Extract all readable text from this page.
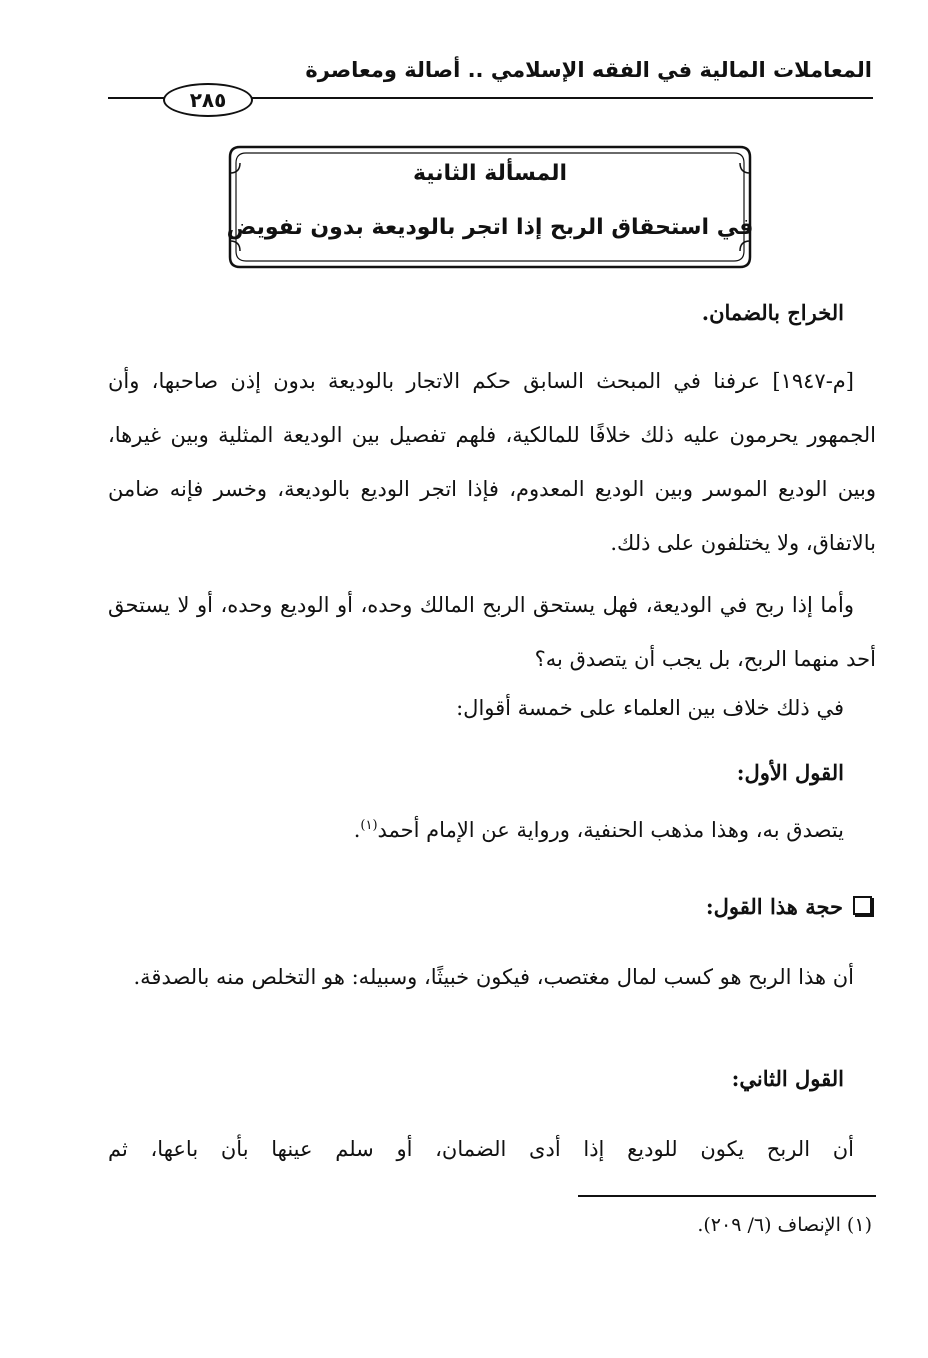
المعاملات المالية في الفقه الإسلامي .. أصالة ومعاصرة
٢٨٥
المسألة الثانية
في استحقاق الربح إذا اتجر بالوديعة بدون تفويض
الخراج بالضمان.

[م-١٩٤٧] عرفنا في المبحث السابق حكم الاتجار بالوديعة بدون إذن صاحبها، وأن الجمهور يحرمون عليه ذلك خلافًا للمالكية، فلهم تفصيل بين الوديعة المثلية وبين غيرها، وبين الوديع الموسر وبين الوديع المعدوم، فإذا اتجر الوديع بالوديعة، وخسر فإنه ضامن بالاتفاق، ولا يختلفون على ذلك.

وأما إذا ربح في الوديعة، فهل يستحق الربح المالك وحده، أو الوديع وحده، أو لا يستحق أحد منهما الربح، بل يجب أن يتصدق به؟

في ذلك خلاف بين العلماء على خمسة أقوال:
القول الأول:
يتصدق به، وهذا مذهب الحنفية، ورواية عن الإمام أحمد$^{(١)}$.
حجة هذا القول:

أن هذا الربح هو كسب لمال مغتصب، فيكون خبيثًا، وسبيله: هو التخلص منه بالصدقة.

القول الثاني:

أن الربح يكون للوديع إذا أدى الضمان، أو سلم عينها بأن باعها، ثم

(١) الإنصاف (٦/ ٢٠٩).
